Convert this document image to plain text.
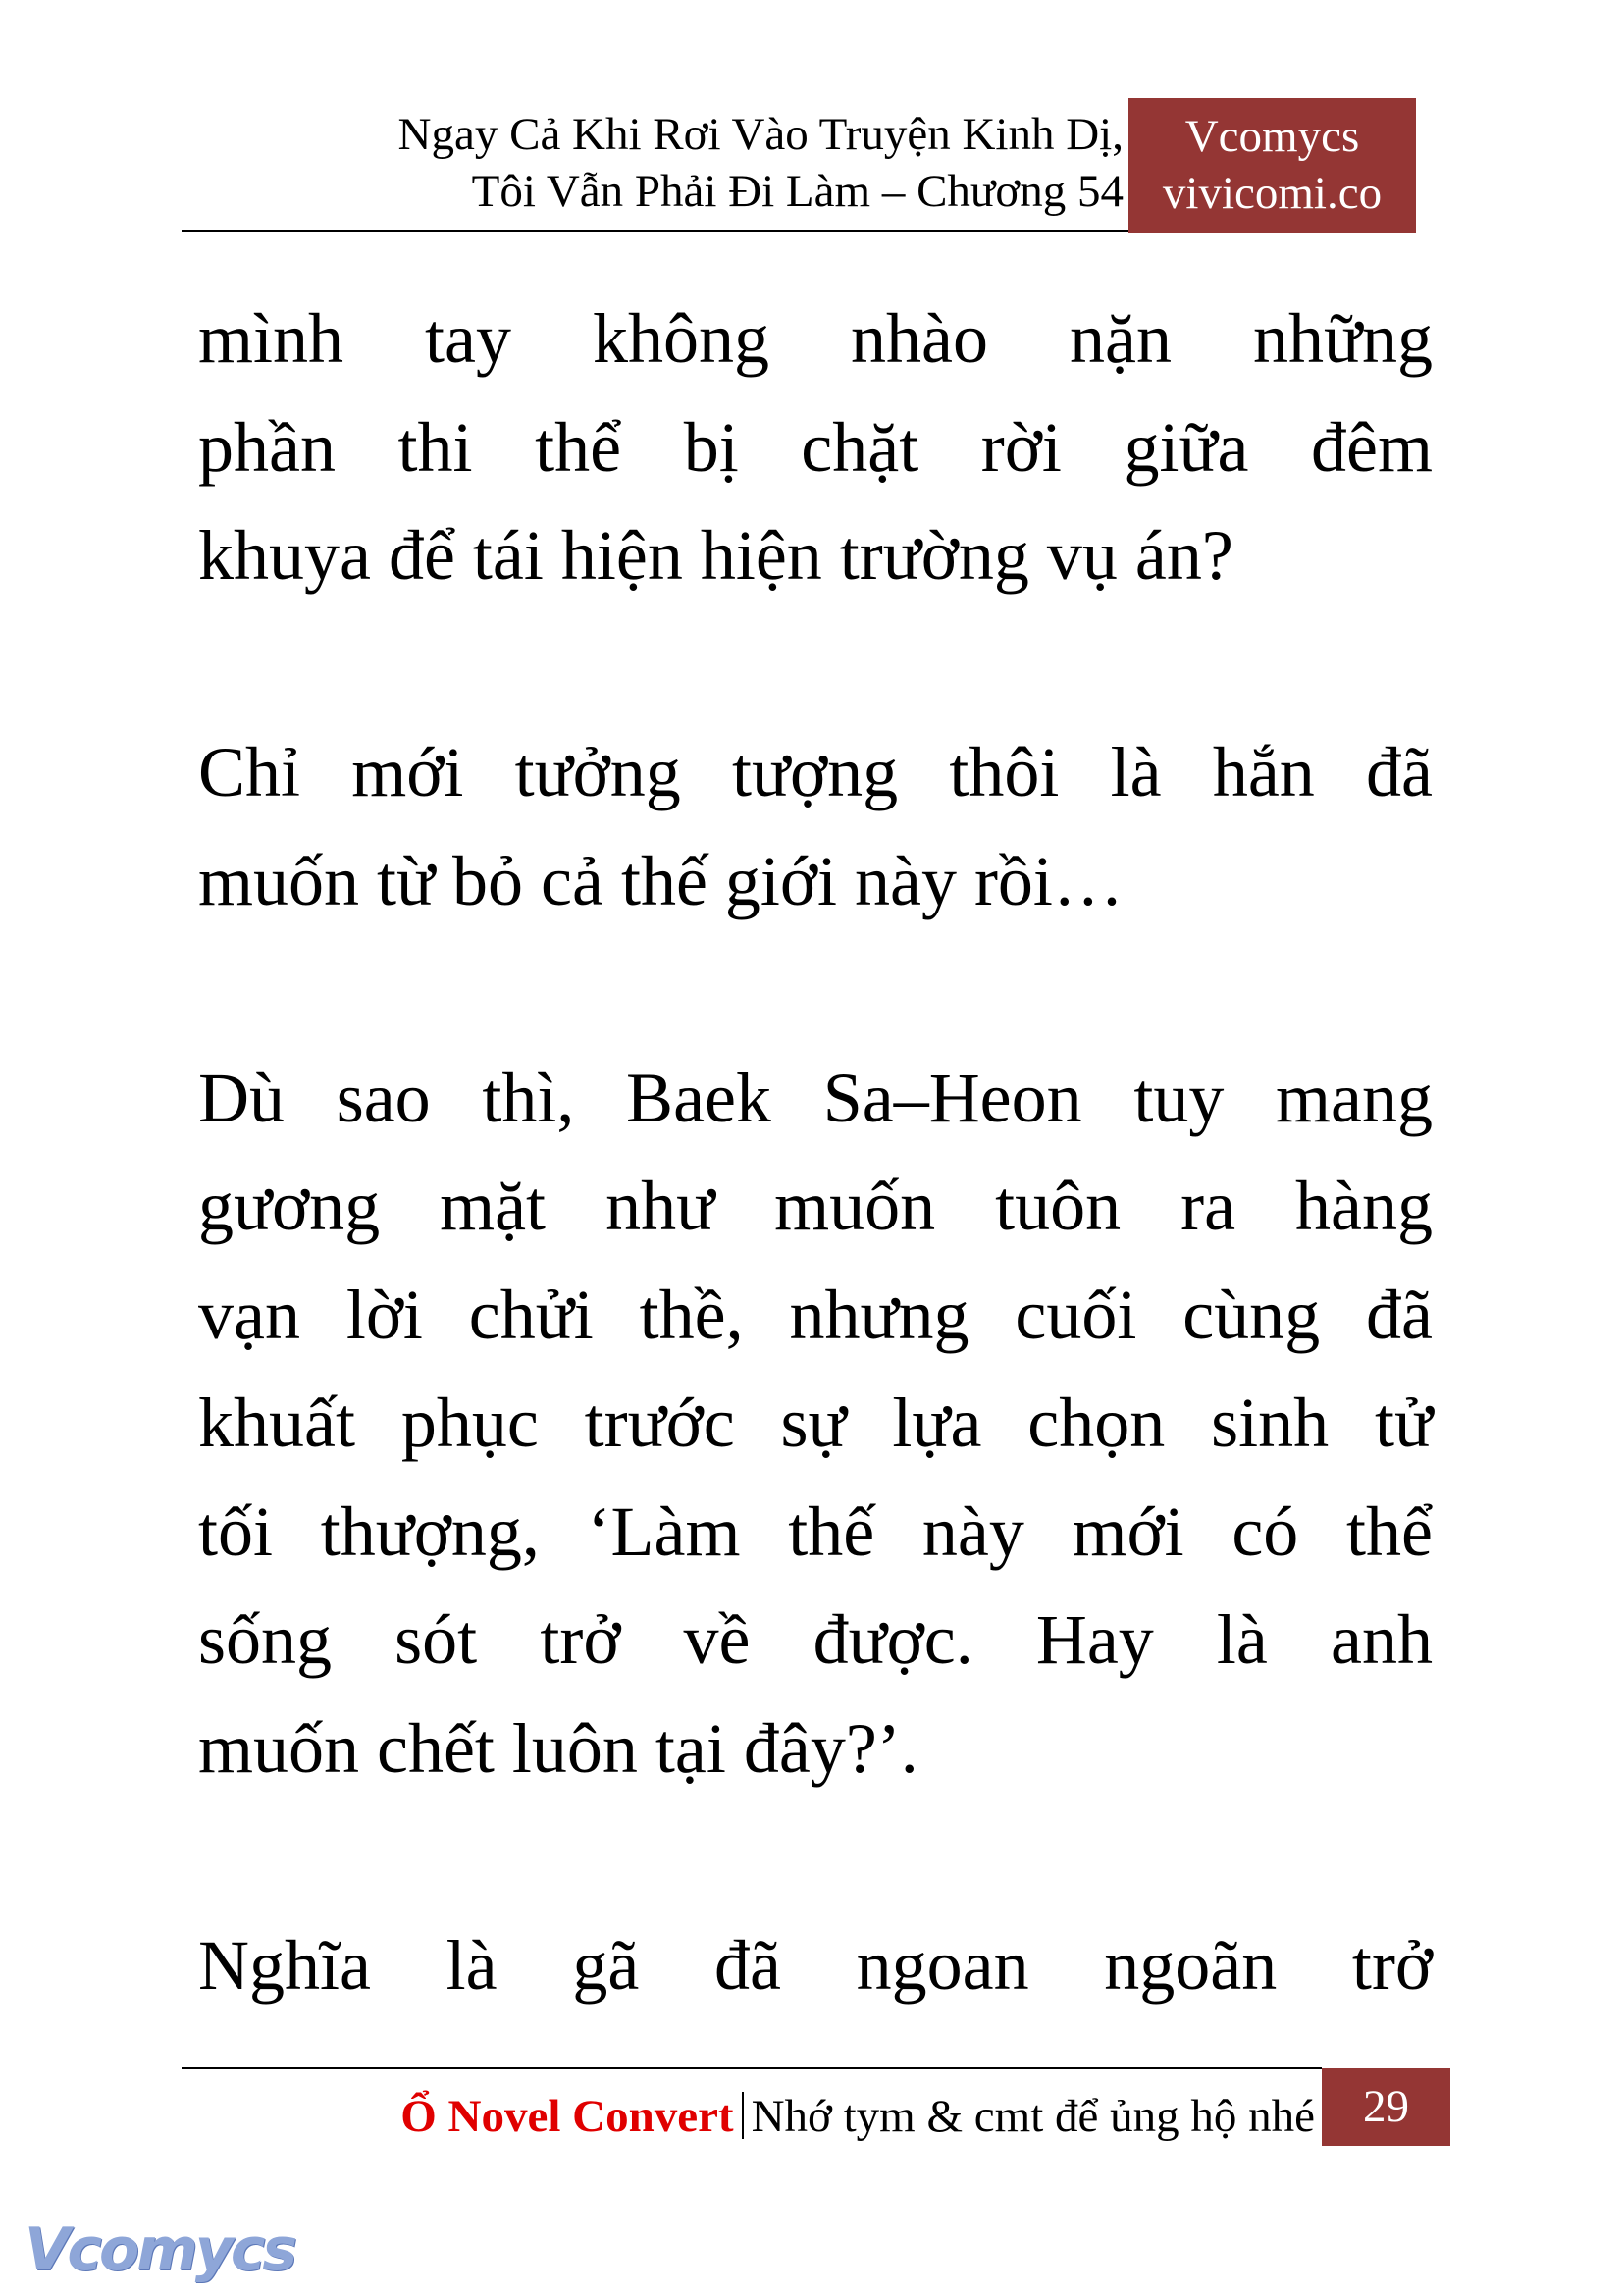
Ngay Cả Khi Rơi Vào Truyện Kinh Dị,
Tôi Vẫn Phải Đi Làm – Chương 54
Vcomycs
vivicomi.co
mình tay không nhào nặn những
phần thi thể bị chặt rời giữa đêm
khuya để tái hiện hiện trường vụ án?
Chỉ mới tưởng tượng thôi là hắn đã
muốn từ bỏ cả thế giới này rồi…
Dù sao thì, Baek Sa–Heon tuy mang
gương mặt như muốn tuôn ra hàng
vạn lời chửi thề, nhưng cuối cùng đã
khuất phục trước sự lựa chọn sinh tử
tối thượng, ‘Làm thế này mới có thể
sống sót trở về được. Hay là anh
muốn chết luôn tại đây?’.
Nghĩa là gã đã ngoan ngoãn trở
Ổ Novel Convert Nhớ tym & cmt để ủng hộ nhé	29
Vcomycs
